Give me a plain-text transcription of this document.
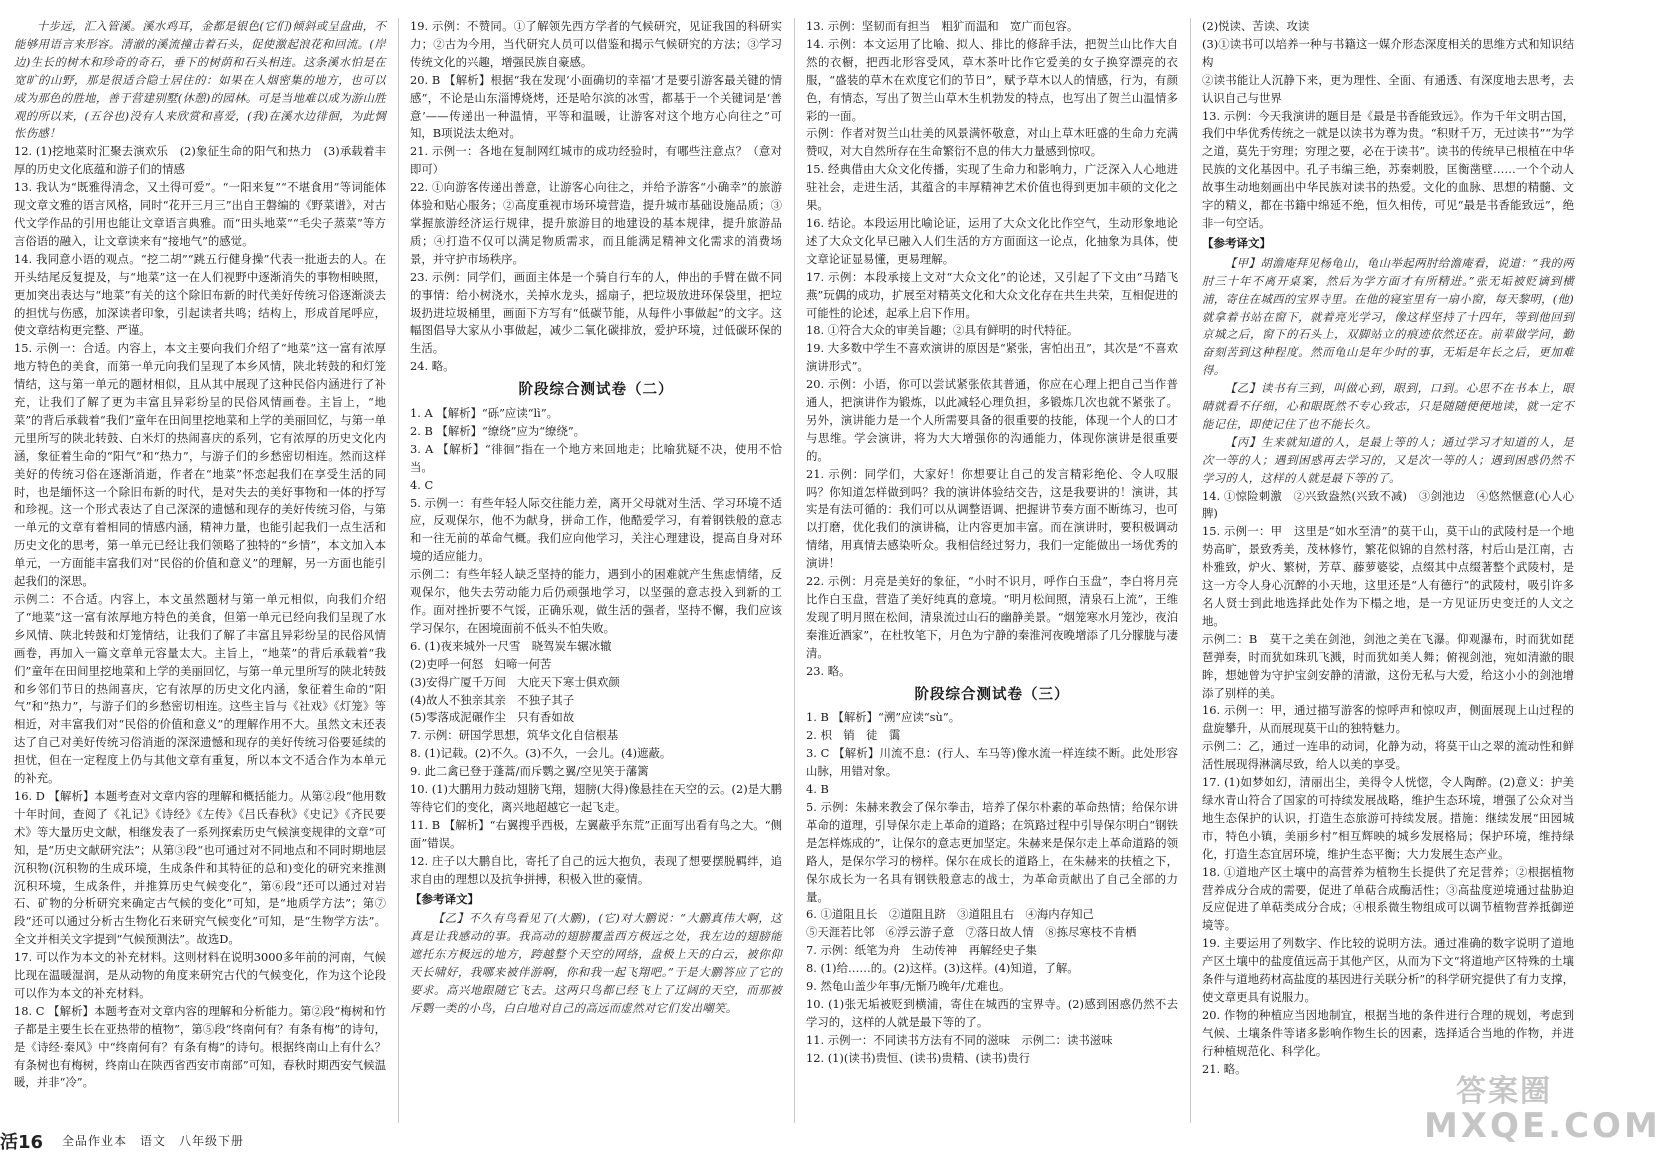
十步远，汇入管溪。溪水鸡耳，金都是银色(它们)倾斜或呈盘曲，不能够用语言来形容。清澈的溪流撞击着石头，促使激起浪花和回流。(岸边)生长的树木和珍奇的奇石，垂下的树荫和石头相连。这条溪水怕是在宽旷的山野，那是很适合隐士居住的：如果在人烟密集的地方，也可以成为那色的胜地，善于营建别墅(休憩)的园林。可是当地难以成为游山胜观的所以来，(五谷也)没有人来欣赏和喜爱，(我)在溪水边徘徊，为此惆怅伤感！

12. (1)挖地菜时汇聚去演欢乐　(2)象征生命的阳气和热力　(3)承载着丰厚的历史文化底蕴和游子们的情感

13. 我认为“既雅得清念，又土得可爱”。“一阳来复”“不堪食用”等词能体现文章文雅的语言风格，同时“花开三月三”出自王磐编的《野菜谱》，对古代文学作品的引用也能让文章语言典雅。而“田头地菜”“毛尖子蒸菜”等方言俗语的融入，让文章读来有“接地气”的感觉。

14. 我同意小语的观点。“挖二胡”“跳五行健身操”代表一批逝去的人。在开头结尾反复提及，与“地菜”这一在人们视野中逐渐消失的事物相映照，更加突出表达与“地菜”有关的这个除旧布新的时代美好传统习俗逐渐淡去的担忧与伤感，加深读者印象，引起读者共鸣；结构上，形成首尾呼应，使文章结构更完整、严谨。

15. 示例一：合适。内容上，本文主要向我们介绍了“地菜”这一富有浓厚地方特色的美食，而第一单元向我们呈现了本乡风情，陕北转鼓的和灯笼情结，这与第一单元的题材相似，且从其中展现了这种民俗内涵进行了补充，让我们了解了更为丰富且异彩纷呈的民俗风情画卷。主旨上，“地菜”的背后承载着“我们”童年在田间里挖地菜和上学的美丽回忆，与第一单元里所写的陕北转鼓、白米灯的热闹喜庆的系列，它有浓厚的历史文化内涵，象征着生命的“阳气”和“热力”，与游子们的乡愁密切相连。然而这样美好的传统习俗在逐渐消逝，作者在“地菜”怀恋起我们在享受生活的同时，也是缅怀这一个除旧布新的时代，是对失去的美好事物和一体的抒写和珍视。这一个形式表达了自己深深的遗憾和现存的美好传统习俗，与第一单元的文章有着相同的情感内涵，精神力量，也能引起我们一点生活和历史文化的思考，第一单元已经让我们领略了独特的“乡情”，本文加入本单元，一方面能丰富我们对“民俗的价值和意义”的理解，另一方面也能引起我们的深思。

示例二：不合适。内容上，本文虽然题材与第一单元相似，向我们介绍了“地菜”这一富有浓厚地方特色的美食，但第一单元已经向我们呈现了水乡风情、陕北转鼓和灯笼情结，让我们了解了丰富且异彩纷呈的民俗风情画卷，再加入一篇文章单元容量太大。主旨上，“地菜”的背后承载着“我们”童年在田间里挖地菜和上学的美丽回忆，与第一单元里所写的陕北转鼓和乡邻们节日的热闹喜庆，它有浓厚的历史文化内涵，象征着生命的“阳气”和“热力”，与游子们的乡愁密切相连。这些主旨与《社戏》《灯笼》等相近，对丰富我们对“民俗的价值和意义”的理解作用不大。虽然文末还表达了自己对美好传统习俗消逝的深深遗憾和现存的美好传统习俗要延续的担忧，但在一定程度上仍与其他文章有重复，所以本文不适合作为本单元的补充。

16. D 【解析】本题考查对文章内容的理解和概括能力。从第②段“他用数十年时间，查阅了《礼记》《诗经》《左传》《吕氏春秋》《史记》《齐民要术》等大量历史文献，相继发表了一系列探索历史气候演变规律的文章”可知，是“历史文献研究法”；从第③段“也可通过对不同地点和不同时期地层沉积物(沉积物的生成环境，生成条件和其特征的总和)变化的研究来推测沉积环境，生成条件，并推算历史气候变化”，第⑥段“还可以通过对岩石、矿物的分析研究来确定古气候的变化”可知，是“地质学方法”；第⑦段“还可以通过分析古生物化石来研究气候变化”可知，是“生物学方法”。全文并相关文字提到“气候预测法”。故选D。

17. 可以作为本文的补充材料。这则材料在说明3000多年前的河南，气候比现在温暖湿润，是从动物的角度来研究古代的气候变化，作为这个论段可以作为本文的补充材料。

18. C 【解析】本题考查对文章内容的理解和分析能力。第②段“梅树和竹子都是主要生长在亚热带的植物”，第⑤段“终南何有？有条有梅”的诗句，是《诗经·秦风》中“终南何有？有条有梅”的诗句。根据终南山上有什么？有条树也有梅树，终南山在陕西省西安市南部”可知，春秋时期西安气候温暖，并非“冷”。

19. 示例：不赞同。①了解领先西方学者的气候研究，见证我国的科研实力；②古为今用，当代研究人员可以借鉴和揭示气候研究的方法；③学习传统文化的兴趣，增强民族自豪感。

20. B 【解析】根据“我在发现‘小面确切的幸福’才是要引游客最关键的情感”，不论是山东淄博烧烤，还是哈尔滨的冰雪，都基于一个关键词是‘善意’——传递出一种温情，平等和温暖，让游客对这个地方心向往之”可知，B项说法太绝对。

21. 示例一：各地在复制网红城市的成功经验时，有哪些注意点？（意对即可）

22. ①向游客传递出善意，让游客心向往之，并给予游客“小确幸”的旅游体验和贴心服务；②高度重视市场环境营造，提升城市基础设施品质；③掌握旅游经济运行规律，提升旅游目的地建设的基本规律，提升旅游品质；④打造不仅可以满足物质需求，而且能满足精神文化需求的消费场景，并守护市场秩序。

23. 示例：同学们，画面主体是一个骑自行车的人，伸出的手臂在做不同的事情：给小树浇水，关掉水龙头，摇扇子，把垃圾放进环保袋里，把垃圾扔进垃圾桶里，画面下方写有“低碳节能，从每件小事做起”的文字。这幅图倡导大家从小事做起，减少二氧化碳排放，爱护环境，过低碳环保的生活。

24. 略。

阶段综合测试卷（二）

1. A 【解析】“砾”应读“lì”。

2. B 【解析】“缭绕”应为“缭绕”。

3. A 【解析】“徘徊”指在一个地方来回地走；比喻犹疑不决，使用不恰当。

4. C

5. 示例一：有些年轻人际交往能力差，离开父母就对生活、学习环境不适应，反观保尔，他不为献身，拼命工作，他酷爱学习，有着钢铁般的意志和一往无前的革命气概。我们应向他学习，关注心理建设，提高自身对环境的适应能力。

示例二：有些年轻人缺乏坚持的能力，遇到小的困难就产生焦虑情绪，反观保尔，他失去劳动能力后仍顽强地学习，以坚强的意志投入到新的工作。面对挫折要不气馁，正确乐观，做生活的强者，坚持不懈，我们应该学习保尔，在困境面前不低头不怕失败。

6. (1)夜来城外一尺雪　晓驾炭车辗冰辙

(2)吏呼一何怒　妇啼一何苦

(3)安得广厦千万间　大庇天下寒士俱欢颜

(4)故人不独亲其亲　不独子其子

(5)零落成泥碾作尘　只有香如故

7. 示例：研国学思想，筑华文化自信根基

8. (1)记载。(2)不久。(3)不久，一会儿。(4)遮蔽。

9. 此二禽已登于蓬蒿/而斥鹦之翼/空见笑于藩篱

10. (1)大鹏用力鼓动翅膀飞翔，翅膀(大得)像悬挂在天空的云。(2)是大鹏等待它们的变化，离兴地超越它一起飞走。

11. B 【解析】“右翼搜乎西极，左翼蔽乎东荒”正面写出看有鸟之大。“侧面”错误。

12. 庄子以大鹏自比，寄托了自己的远大抱负，表现了想要摆脱羁绊，追求自由的理想以及抗争拼搏，积极入世的豪情。

【参考译文】

【乙】不久有鸟看见了(大鹏)，(它)对大鹏说：“大鹏真伟大啊，这真是让我感动的事。我高动的翅膀覆盖西方极远之处，我左边的翅膀能遮托东方极远的地方，跨越整个天空的网络，盘极上天的白云，被你仰天长啸好，我哪来被伴游啊，你和我一起飞翔吧。”于是大鹏答应了它的要求。高兴地跟随它飞去。这两只鸟都已经飞上了辽阔的天空，而那被斥鹦一类的小鸟，白白地对自己的高远而虚然对它们发出嘲笑。

13. 示例：坚韧而有担当　粗犷而温和　宽广而包容。

14. 示例：本文运用了比喻、拟人、排比的修辞手法，把贺兰山比作大自然的衣橱，把西北形容受风，草木茶叶比作它爱美的女子换穿漂亮的衣服，“盛装的草木在欢度它们的节日”，赋予草木以人的情感，行为，有颜色，有情态，写出了贺兰山草木生机勃发的特点，也写出了贺兰山温情多彩的一面。

示例：作者对贺兰山壮美的风景满怀敬意，对山上草木旺盛的生命力充满赞叹，对大自然所存在生命繁衍不息的伟大力量感到惊叹。

15. 经典借由大众文化传播，实现了生命力和影响力，广泛深入人心地进驻社会，走进生活，其蕴含的丰厚精神艺术价值也得到更加丰硕的文化之果。

16. 结论。本段运用比喻论证，运用了大众文化比作空气，生动形象地论述了大众文化早已融入人们生活的方方面面这一论点，化抽象为具体，使文章论证显易懂，更易理解。

17. 示例：本段承接上文对“大众文化”的论述，又引起了下文由“马踏飞燕”玩偶的成功，扩展至对精英文化和大众文化存在共生共荣，互相促进的可能性的论述，起承上启下作用。

18. ①符合大众的审美旨趣；②具有鲜明的时代特征。

19. 大多数中学生不喜欢演讲的原因是“紧张，害怕出丑”，其次是“不喜欢演讲形式”。

20. 示例：小语，你可以尝试紧张依其普通，你应在心理上把自己当作普通人，把演讲作为锻炼，以此减轻心理负担，多锻炼几次也就不紧张了。另外，演讲能力是一个人所需要具备的很重要的技能，体现一个人的口才与思维。学会演讲，将为大大增强你的沟通能力，体现你演讲是很重要的。

21. 示例：同学们，大家好！你想要让自己的发言精彩绝伦、令人叹服吗？你知道怎样做到吗？我的演讲体验结交告，这是我要讲的！演讲，其实是有法可循的：我们可以从调整语调、把握讲节奏方面不断练习，也可以打磨，优化我们的演讲稿，让内容更加丰富。而在演讲时，要积极调动情绪，用真情去感染听众。我相信经过努力，我们一定能做出一场优秀的演讲！

22. 示例：月亮是美好的象征，“小时不识月，呼作白玉盘”，李白将月亮比作白玉盘，营造了美好纯真的意境。“明月松间照，清泉石上流”，王维发现了明月照在松间，清泉流过山石的幽静美景。“烟笼寒水月笼沙，夜泊秦淮近酒家”，在杜牧笔下，月色为宁静的秦淮河夜晚增添了几分朦胧与凄清。

23. 略。

阶段综合测试卷（三）

1. B 【解析】“溯”应读“sù”。

2. 枳　销　徒　霭

3. C 【解析】川流不息：(行人、车马等)像水流一样连续不断。此处形容山脉，用错对象。

4. B

5. 示例：朱赫来教会了保尔拳击，培养了保尔朴素的革命热情；给保尔讲革命的道理，引导保尔走上革命的道路；在筑路过程中引导保尔明白“钢铁是怎样炼成的”，让保尔的意志更加坚定。朱赫来是保尔走上革命道路的领路人，是保尔学习的榜样。保尔在成长的道路上，在朱赫来的扶植之下，保尔成长为一名具有钢铁般意志的战士，为革命贡献出了自己全部的力量。

6. ①道阻且长　②道阻且跻　③道阻且右　④海内存知己

⑤天涯若比邻　⑥浮云游子意　⑦落日故人情　⑧拣尽寒枝不肯栖

7. 示例：纸笔为舟　生动传神　再解经史子集

8. (1)给……的。(2)这样。(3)这样。(4)知道，了解。

9. 然龟山盖少年事/无惭乃晚年/尤难也。

10. (1)张无垢被贬到横浦，寄住在城西的宝界寺。(2)感到困惑仍然不去学习的，这样的人就是最下等的了。

11. 示例一：不同读书方法有不同的滋味　示例二：读书滋味

12. (1)(读书)贵恒、(读书)贵精、(读书)贵行

(2)悦读、苦读、攻读

(3)①读书可以培养一种与书籍这一媒介形态深度相关的思维方式和知识结构

②读书能让人沉静下来，更为理性、全面、有通透、有深度地去思考，去认识自己与世界

13. 示例：今天我演讲的题目是《最是书香能致远》。作为千年文明古国，我们中华优秀传统之一就是以读书为尊为贵。“积财千万，无过读书”“为学之道，莫先于穷理；穷理之要，必在于读书”。读书的传统早已根植在中华民族的文化基因中。孔子韦编三绝，苏秦刺股，匡衡凿壁……一个个动人故事生动地刻画出中华民族对读书的热爱。文化的血脉、思想的精髓、文字的精义，都在书籍中绵延不绝，恒久相传，可见“最是书香能致远”，绝非一句空话。

【参考译文】

【甲】胡澹庵拜见杨龟山，龟山举起两肘给澹庵看，说道：“我的两肘三十年不离开桌案，然后为学方面才有所精进。”张无垢被贬谪到横浦，寄住在城西的宝界寺里。在他的寝室里有一扇小窗，每天黎明，(他)就拿着书站在窗下，就着亮光学习，像这样坚持了十四年，等到他回到京城之后，窗下的石头上，双脚站立的痕迹依然还在。前辈做学问，勤奋刻苦到这种程度。然而龟山是年少时的事，无垢是年长之后，更加难得。

【乙】读书有三到，叫做心到，眼到，口到。心思不在书本上，眼睛就看不仔细，心和眼既然不专心致志，只是随随便便地读，就一定不能记住，即使记住了也不能长久。

【丙】生来就知道的人，是最上等的人；通过学习才知道的人，是次一等的人；遇到困惑再去学习的，又是次一等的人；遇到困惑仍然不学习的人，这样的人就是最下等的了。

14. ①惊险刺激　②兴致盎然(兴致不减)　③剑池边　④悠然惬意(心人心脾)

15. 示例一：甲　这里是“如水至清”的莫干山，莫干山的武陵村是一个地势高旷，景致秀美，茂林修竹，繁花似锦的自然村落，村后山是江南，古朴雅致，炉火、繁树，芳草、藤萝婆娑，点缀其中点缀著整个武陵村，是这一方令人身心沉醉的小天地，这里还是“人有德行”的武陵村，吸引许多名人贤士到此地选择此处作为下榻之地，是一方见证历史变迁的人文之地。

示例二：B　莫干之美在剑池，剑池之美在飞瀑。仰观瀑布，时而犹如琵琶弹奏，时而犹如珠玑飞溅，时而犹如美人舞；俯视剑池，宛如清澈的眼眸，想她曾为守护宝剑安静的清澈，这份无私与大爱，给这小小的剑池增添了别样的美。

16. 示例一：甲，通过描写游客的惊呼声和惊叹声，侧面展现上山过程的盘旋攀升，从而展现莫干山的独特魅力。

示例二：乙，通过一连串的动词，化静为动，将莫干山之翠的流动性和鲜活性展现得淋漓尽致，给人以美的享受。

17. (1)如梦如幻，清丽出尘，美得令人恍惚，令人陶醉。(2)意义：护美绿水青山符合了国家的可持续发展战略，维护生态环境，增强了公众对当地生态保护的认识，打造生态旅游可持续发展。措施：继续发展“田园城市，特色小镇，美丽乡村”相互辉映的城乡发展格局；保护环境，维持绿化，打造生态宜居环境，维护生态平衡；大力发展生态产业。

18. ①道地产区土壤中的高营养为植物生长提供了充足营养；②根据植物营养成分合成的需要，促进了单萜合成酶活性；③高盐度逆境通过盐胁迫反应促进了单萜类成分合成；④根系微生物组成可以调节植物营养抵御逆境等。

19. 主要运用了列数字、作比较的说明方法。通过准确的数字说明了道地产区土壤中的盐度值远高于其他产区，从而为下文“将道地产区特殊的土壤条件与道地药材高盐度的基因进行关联分析”的科学研究提供了有力支撑，使文章更具有说服力。

20. 作物的种植应当因地制宜，根据当地的条件进行合理的规划，考虑到气候、土壤条件等诸多影响作物生长的因素，选择适合当地的作物，并进行种植规范化、科学化。

21. 略。

活16 全品作业本　语文　八年级下册
答案圈
MXQE.COM
